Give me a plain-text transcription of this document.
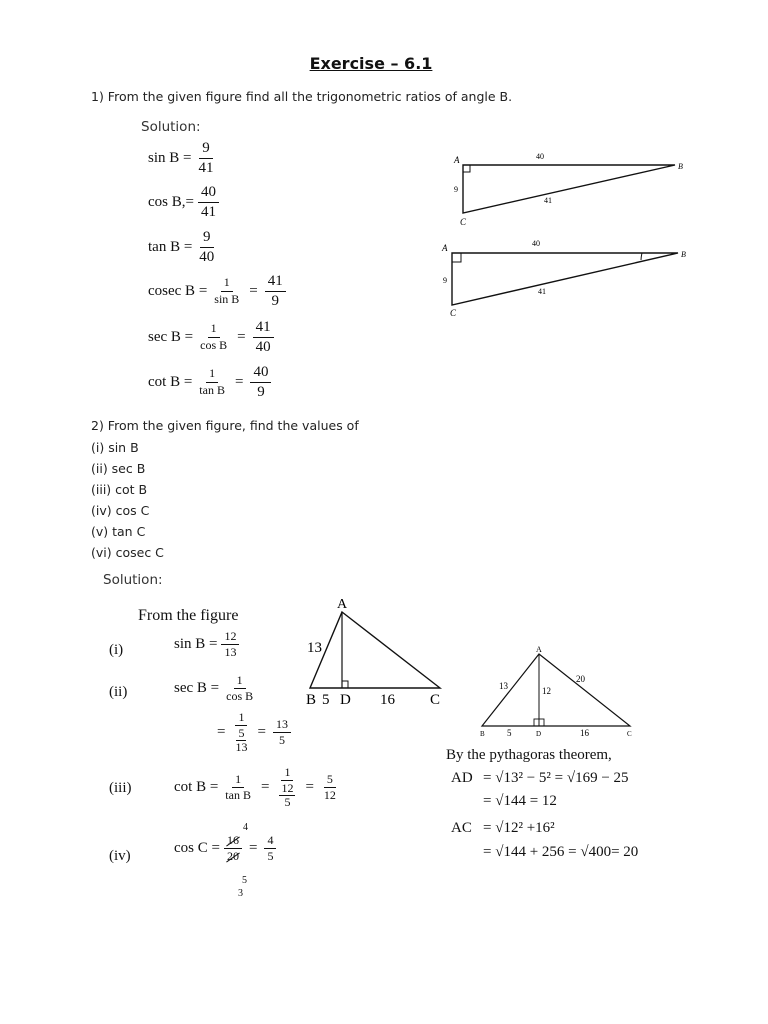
Exercise – 6.1
1) From the given figure find all the trigonometric ratios of angle B.
Solution:
$\sin B = \frac{9}{41}$
$\cos B,= \frac{40}{41}$
$\tan B = \frac{9}{40}$
cosec $B = \frac{1}{\text{sin B}} = \frac{41}{9}$
$\sec B = \frac{1}{\text{cos B}} = \frac{41}{40}$
$\cot B = \frac{1}{\text{tan B}} = \frac{40}{9}$
A
B
C
40
9
41
A
B
C
40
9
41
2) From the given figure, find the values of
(i) sin B
(ii) sec B
(iii) cot B
(iv) cos C
(v) tan C
(vi) cosec C
Solution:
From the figure
(i)	$\sin B = \frac{12}{13}$
(ii)	$\sec B = \frac{1}{\text{cos B}}$
= 1
5
$13 = \frac{13}{5}$
(iii)	$\cot B = \frac{1}{\text{tan B}} = 1$
12
$5 = \frac{5}{12}$
(iv)
4
$\cos C = \frac{16}{20} = \frac{4}{5}$
5
3
A
B 5 D 16 C
13	A
B	D	C
13	12
20
5	16
By the pythagoras theorem,
AD = √13² − 5² = √169 − 25
= √144 = 12
AC = √12² +16²
= √144 + 256 = √400= 20
